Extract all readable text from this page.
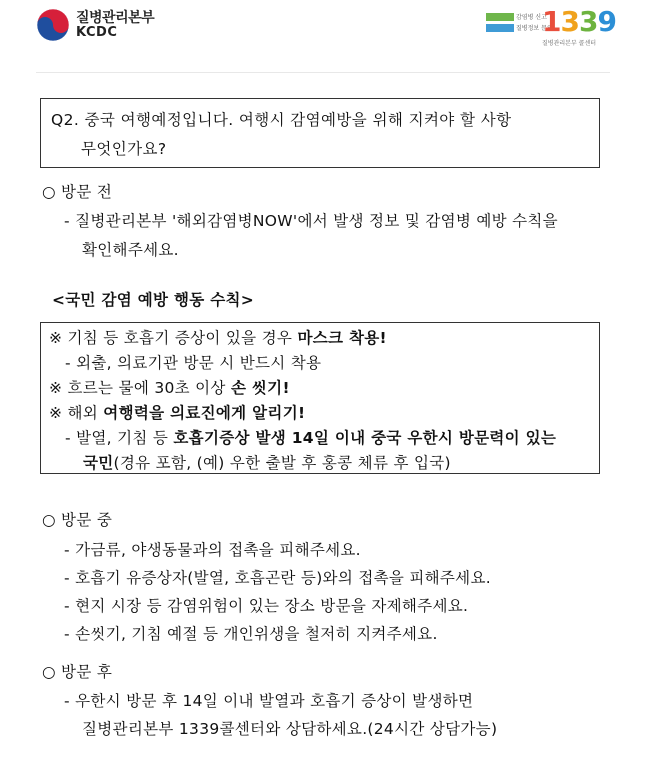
질병관리본부
KCDC
감염병 신고
질병정보 문의
1339
질병관리본부 콜센터
Q2. 중국 여행예정입니다. 여행시 감염예방을 위해 지켜야 할 사항
무엇인가요?
○ 방문 전
- 질병관리본부 '해외감염병NOW'에서 발생 정보 및 감염병 예방 수칙을
확인해주세요.
<국민 감염 예방 행동 수칙>
※ 기침 등 호흡기 증상이 있을 경우 마스크 착용!
- 외출, 의료기관 방문 시 반드시 착용
※ 흐르는 물에 30초 이상 손 씻기!
※ 해외 여행력을 의료진에게 알리기!
- 발열, 기침 등 호흡기증상 발생 14일 이내 중국 우한시 방문력이 있는
국민(경유 포함, (예) 우한 출발 후 홍콩 체류 후 입국)
○ 방문 중
- 가금류, 야생동물과의 접촉을 피해주세요.
- 호흡기 유증상자(발열, 호흡곤란 등)와의 접촉을 피해주세요.
- 현지 시장 등 감염위험이 있는 장소 방문을 자제해주세요.
- 손씻기, 기침 예절 등 개인위생을 철저히 지켜주세요.
○ 방문 후
- 우한시 방문 후 14일 이내 발열과 호흡기 증상이 발생하면
질병관리본부 1339콜센터와 상담하세요.(24시간 상담가능)
